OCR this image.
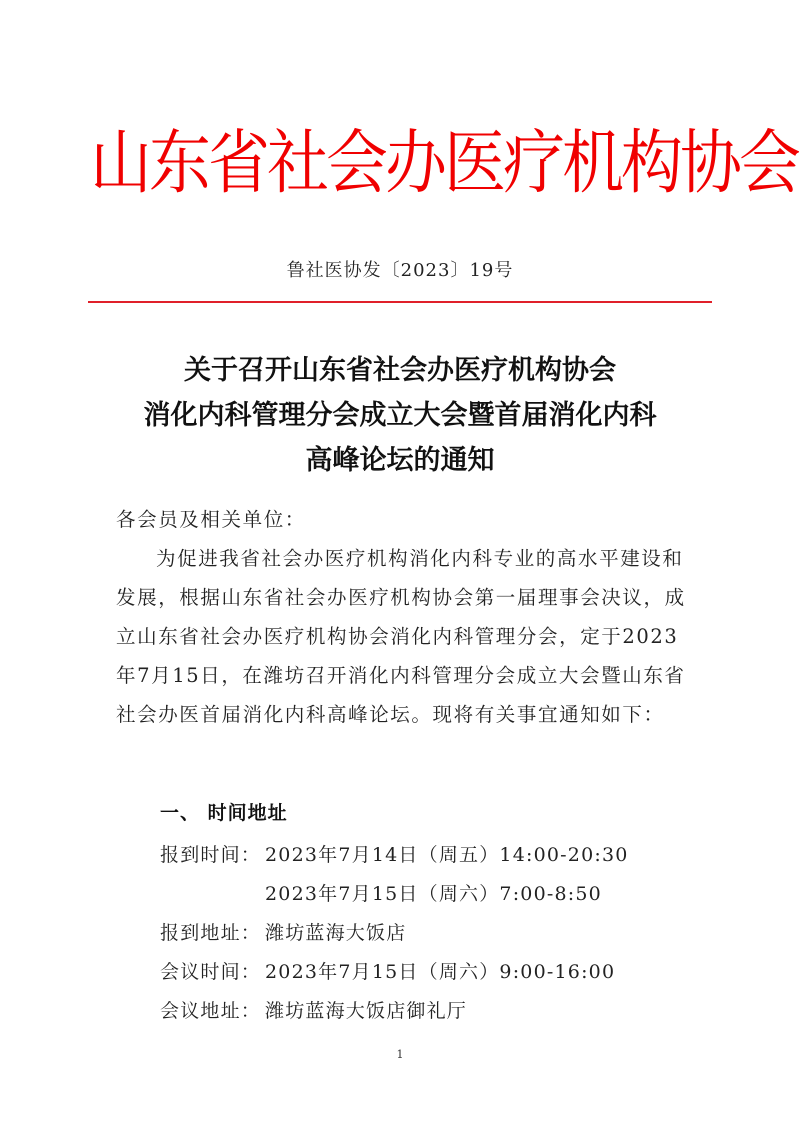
山东省社会办医疗机构协会
鲁社医协发〔2023〕19号
关于召开山东省社会办医疗机构协会
消化内科管理分会成立大会暨首届消化内科
高峰论坛的通知

各会员及相关单位：

为促进我省社会办医疗机构消化内科专业的高水平建设和发展，根据山东省社会办医疗机构协会第一届理事会决议，成立山东省社会办医疗机构协会消化内科管理分会，定于2023年7月15日，在潍坊召开消化内科管理分会成立大会暨山东省社会办医首届消化内科高峰论坛。现将有关事宜通知如下：

一、 时间地址
报到时间： 2023年7月14日（周五）14:00-20:30
2023年7月15日（周六）7:00-8:50
报到地址： 潍坊蓝海大饭店
会议时间： 2023年7月15日（周六）9:00-16:00
会议地址： 潍坊蓝海大饭店御礼厅
1
